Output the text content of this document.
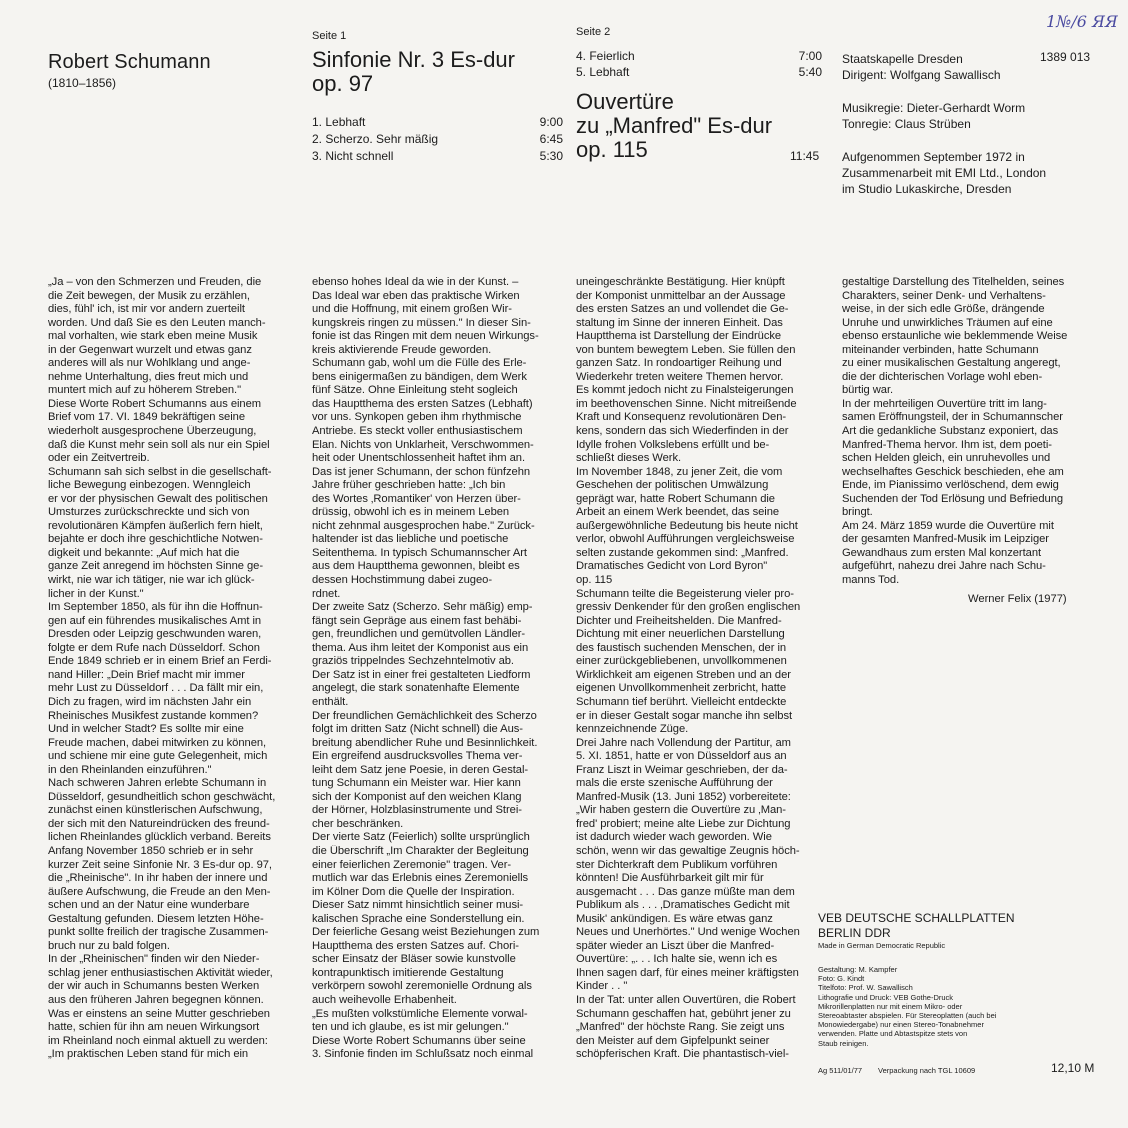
1№/6 ЯЯ
1389 013
Robert Schumann
(1810–1856)
Seite 1
Sinfonie Nr. 3 Es-dur
op. 97
1. Lebhaft	9:00
2. Scherzo. Sehr mäßig	6:45
3. Nicht schnell	5:30
Seite 2
4. Feierlich	7:00
5. Lebhaft	5:40
Ouvertüre
zu „Manfred" Es-dur
op. 115	11:45
Staatskapelle Dresden
Dirigent: Wolfgang Sawallisch
Musikregie: Dieter-Gerhardt Worm
Tonregie: Claus Strüben
Aufgenommen September 1972 in
Zusammenarbeit mit EMI Ltd., London
im Studio Lukaskirche, Dresden
„Ja – von den Schmerzen und Freuden, die
die Zeit bewegen, der Musik zu erzählen,
dies, fühl' ich, ist mir vor andern zuerteilt
worden. Und daß Sie es den Leuten manch-
mal vorhalten, wie stark eben meine Musik
in der Gegenwart wurzelt und etwas ganz
anderes will als nur Wohlklang und ange-
nehme Unterhaltung, dies freut mich und
muntert mich auf zu höherem Streben."
Diese Worte Robert Schumanns aus einem
Brief vom 17. VI. 1849 bekräftigen seine
wiederholt ausgesprochene Überzeugung,
daß die Kunst mehr sein soll als nur ein Spiel
oder ein Zeitvertreib.
Schumann sah sich selbst in die gesellschaft-
liche Bewegung einbezogen. Wenngleich
er vor der physischen Gewalt des politischen
Umsturzes zurückschreckte und sich von
revolutionären Kämpfen äußerlich fern hielt,
bejahte er doch ihre geschichtliche Notwen-
digkeit und bekannte: „Auf mich hat die
ganze Zeit anregend im höchsten Sinne ge-
wirkt, nie war ich tätiger, nie war ich glück-
licher in der Kunst."
Im September 1850, als für ihn die Hoffnun-
gen auf ein führendes musikalisches Amt in
Dresden oder Leipzig geschwunden waren,
folgte er dem Rufe nach Düsseldorf. Schon
Ende 1849 schrieb er in einem Brief an Ferdi-
nand Hiller: „Dein Brief macht mir immer
mehr Lust zu Düsseldorf . . . Da fällt mir ein,
Dich zu fragen, wird im nächsten Jahr ein
Rheinisches Musikfest zustande kommen?
Und in welcher Stadt? Es sollte mir eine
Freude machen, dabei mitwirken zu können,
und schiene mir eine gute Gelegenheit, mich
in den Rheinlanden einzuführen."
Nach schweren Jahren erlebte Schumann in
Düsseldorf, gesundheitlich schon geschwächt,
zunächst einen künstlerischen Aufschwung,
der sich mit den Natureindrücken des freund-
lichen Rheinlandes glücklich verband. Bereits
Anfang November 1850 schrieb er in sehr
kurzer Zeit seine Sinfonie Nr. 3 Es-dur op. 97,
die „Rheinische". In ihr haben der innere und
äußere Aufschwung, die Freude an den Men-
schen und an der Natur eine wunderbare
Gestaltung gefunden. Diesem letzten Höhe-
punkt sollte freilich der tragische Zusammen-
bruch nur zu bald folgen.
In der „Rheinischen" finden wir den Nieder-
schlag jener enthusiastischen Aktivität wieder,
der wir auch in Schumanns besten Werken
aus den früheren Jahren begegnen können.
Was er einstens an seine Mutter geschrieben
hatte, schien für ihn am neuen Wirkungsort
im Rheinland noch einmal aktuell zu werden:
„Im praktischen Leben stand für mich ein
ebenso hohes Ideal da wie in der Kunst. –
Das Ideal war eben das praktische Wirken
und die Hoffnung, mit einem großen Wir-
kungskreis ringen zu müssen." In dieser Sin-
fonie ist das Ringen mit dem neuen Wirkungs-
kreis aktivierende Freude geworden.
Schumann gab, wohl um die Fülle des Erle-
bens einigermaßen zu bändigen, dem Werk
fünf Sätze. Ohne Einleitung steht sogleich
das Hauptthema des ersten Satzes (Lebhaft)
vor uns. Synkopen geben ihm rhythmische
Antriebe. Es steckt voller enthusiastischem
Elan. Nichts von Unklarheit, Verschwommen-
heit oder Unentschlossenheit haftet ihm an.
Das ist jener Schumann, der schon fünfzehn
Jahre früher geschrieben hatte: „Ich bin
des Wortes ‚Romantiker' von Herzen über-
drüssig, obwohl ich es in meinem Leben
nicht zehnmal ausgesprochen habe." Zurück-
haltender ist das liebliche und poetische
Seitenthema. In typisch Schumannscher Art
aus dem Hauptthema gewonnen, bleibt es
dessen Hochstimmung dabei zugeo-
rdnet.
Der zweite Satz (Scherzo. Sehr mäßig) emp-
fängt sein Gepräge aus einem fast behäbi-
gen, freundlichen und gemütvollen Ländler-
thema. Aus ihm leitet der Komponist aus ein
graziös trippelndes Sechzehntelmotiv ab.
Der Satz ist in einer frei gestalteten Liedform
angelegt, die stark sonatenhafte Elemente
enthält.
Der freundlichen Gemächlichkeit des Scherzo
folgt im dritten Satz (Nicht schnell) die Aus-
breitung abendlicher Ruhe und Besinnlichkeit.
Ein ergreifend ausdrucksvolles Thema ver-
leiht dem Satz jene Poesie, in deren Gestal-
tung Schumann ein Meister war. Hier kann
sich der Komponist auf den weichen Klang
der Hörner, Holzblasinstrumente und Strei-
cher beschränken.
Der vierte Satz (Feierlich) sollte ursprünglich
die Überschrift „Im Charakter der Begleitung
einer feierlichen Zeremonie" tragen. Ver-
mutlich war das Erlebnis eines Zeremoniells
im Kölner Dom die Quelle der Inspiration.
Dieser Satz nimmt hinsichtlich seiner musi-
kalischen Sprache eine Sonderstellung ein.
Der feierliche Gesang weist Beziehungen zum
Hauptthema des ersten Satzes auf. Chori-
scher Einsatz der Bläser sowie kunstvolle
kontrapunktisch imitierende Gestaltung
verkörpern sowohl zeremonielle Ordnung als
auch weihevolle Erhabenheit.
„Es mußten volkstümliche Elemente vorwal-
ten und ich glaube, es ist mir gelungen."
Diese Worte Robert Schumanns über seine
3. Sinfonie finden im Schlußsatz noch einmal
uneingeschränkte Bestätigung. Hier knüpft
der Komponist unmittelbar an der Aussage
des ersten Satzes an und vollendet die Ge-
staltung im Sinne der inneren Einheit. Das
Hauptthema ist Darstellung der Eindrücke
von buntem bewegtem Leben. Sie füllen den
ganzen Satz. In rondoartiger Reihung und
Wiederkehr treten weitere Themen hervor.
Es kommt jedoch nicht zu Finalsteigerungen
im beethovenschen Sinne. Nicht mitreißende
Kraft und Konsequenz revolutionären Den-
kens, sondern das sich Wiederfinden in der
Idylle frohen Volkslebens erfüllt und be-
schließt dieses Werk.
Im November 1848, zu jener Zeit, die vom
Geschehen der politischen Umwälzung
geprägt war, hatte Robert Schumann die
Arbeit an einem Werk beendet, das seine
außergewöhnliche Bedeutung bis heute nicht
verlor, obwohl Aufführungen vergleichsweise
selten zustande gekommen sind: „Manfred.
Dramatisches Gedicht von Lord Byron"
op. 115
Schumann teilte die Begeisterung vieler pro-
gressiv Denkender für den großen englischen
Dichter und Freiheitshelden. Die Manfred-
Dichtung mit einer neuerlichen Darstellung
des faustisch suchenden Menschen, der in
einer zurückgebliebenen, unvollkommenen
Wirklichkeit am eigenen Streben und an der
eigenen Unvollkommenheit zerbricht, hatte
Schumann tief berührt. Vielleicht entdeckte
er in dieser Gestalt sogar manche ihn selbst
kennzeichnende Züge.
Drei Jahre nach Vollendung der Partitur, am
5. XI. 1851, hatte er von Düsseldorf aus an
Franz Liszt in Weimar geschrieben, der da-
mals die erste szenische Aufführung der
Manfred-Musik (13. Juni 1852) vorbereitete:
„Wir haben gestern die Ouvertüre zu ‚Man-
fred' probiert; meine alte Liebe zur Dichtung
ist dadurch wieder wach geworden. Wie
schön, wenn wir das gewaltige Zeugnis höch-
ster Dichterkraft dem Publikum vorführen
könnten! Die Ausführbarkeit gilt mir für
ausgemacht . . . Das ganze müßte man dem
Publikum als . . . ‚Dramatisches Gedicht mit
Musik' ankündigen. Es wäre etwas ganz
Neues und Unerhörtes." Und wenige Wochen
später wieder an Liszt über die Manfred-
Ouvertüre: „. . . Ich halte sie, wenn ich es
Ihnen sagen darf, für eines meiner kräftigsten
Kinder . . "
In der Tat: unter allen Ouvertüren, die Robert
Schumann geschaffen hat, gebührt jener zu
„Manfred" der höchste Rang. Sie zeigt uns
den Meister auf dem Gipfelpunkt seiner
schöpferischen Kraft. Die phantastisch-viel-
gestaltige Darstellung des Titelhelden, seines
Charakters, seiner Denk- und Verhaltens-
weise, in der sich edle Größe, drängende
Unruhe und unwirkliches Träumen auf eine
ebenso erstaunliche wie beklemmende Weise
miteinander verbinden, hatte Schumann
zu einer musikalischen Gestaltung angeregt,
die der dichterischen Vorlage wohl eben-
bürtig war.
In der mehrteiligen Ouvertüre tritt im lang-
samen Eröffnungsteil, der in Schumannscher
Art die gedankliche Substanz exponiert, das
Manfred-Thema hervor. Ihm ist, dem poeti-
schen Helden gleich, ein unruhevolles und
wechselhaftes Geschick beschieden, ehe am
Ende, im Pianissimo verlöschend, dem ewig
Suchenden der Tod Erlösung und Befriedung
bringt.
Am 24. März 1859 wurde die Ouvertüre mit
der gesamten Manfred-Musik im Leipziger
Gewandhaus zum ersten Mal konzertant
aufgeführt, nahezu drei Jahre nach Schu-
manns Tod.
Werner Felix (1977)
VEB DEUTSCHE SCHALLPLATTEN
BERLIN DDR
Made in German Democratic Republic
Gestaltung: M. Kampfer
Foto: G. Kindt
Titelfoto: Prof. W. Sawallisch
Lithografie und Druck: VEB Gothe-Druck
Mikrorillenplatten nur mit einem Mikro- oder
Stereoabtaster abspielen. Für Stereoplatten (auch bei
Monowiedergabe) nur einen Stereo-Tonabnehmer
verwenden. Platte und Abtastspitze stets von
Staub reinigen.
Ag 511/01/77 Verpackung nach TGL 10609	12,10 M
